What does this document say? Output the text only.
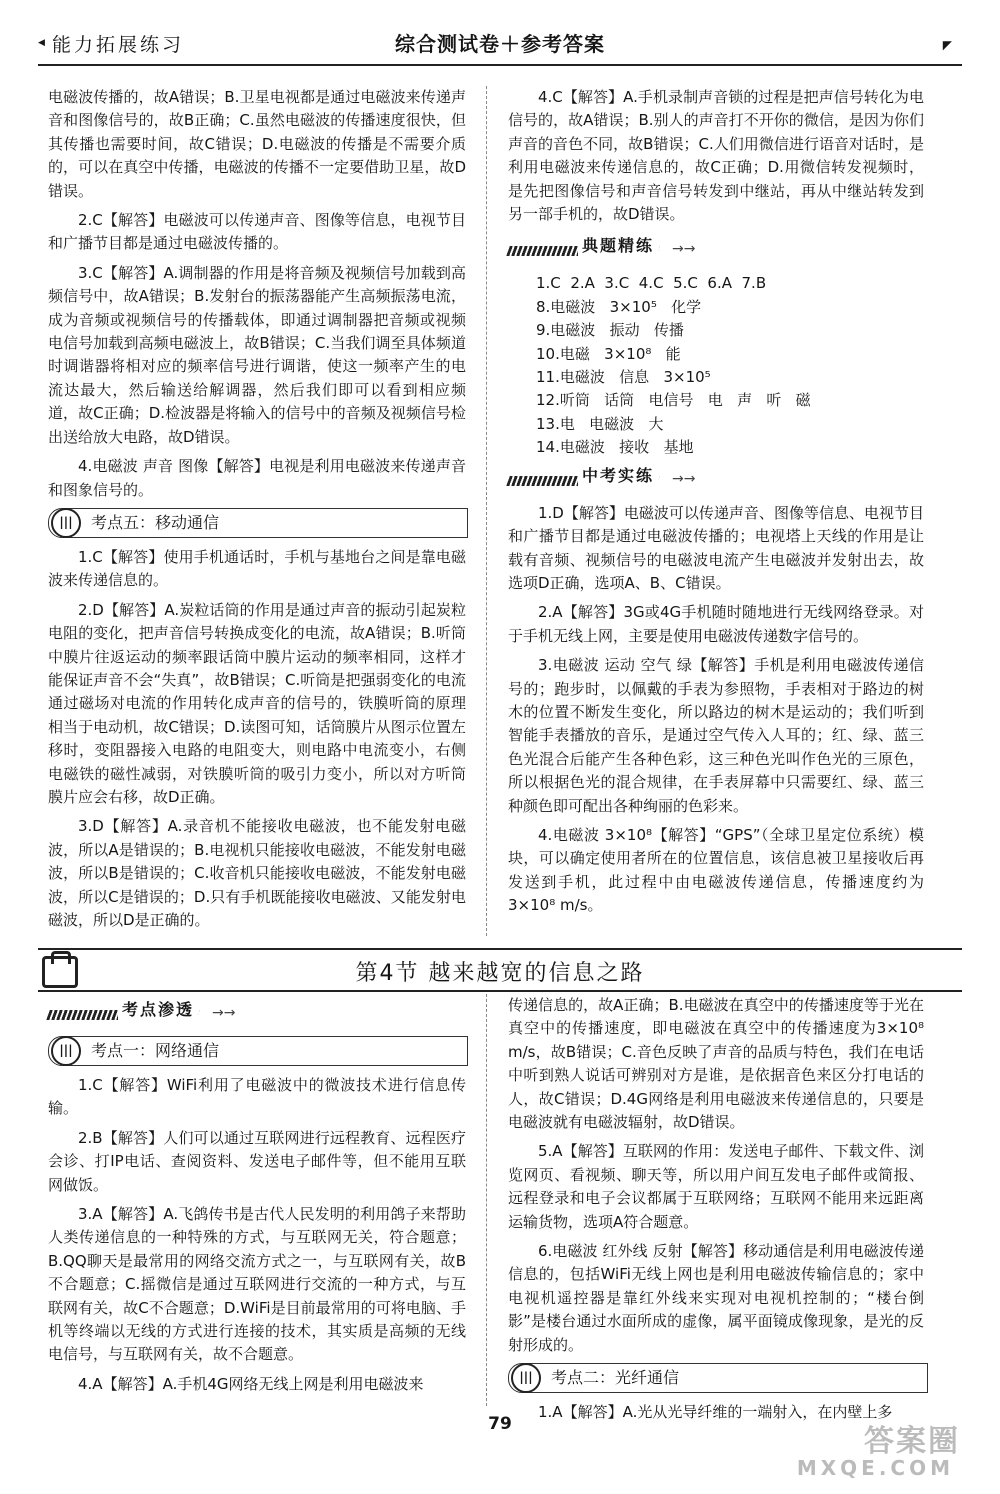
◀ 能力拓展练习	综合测试卷＋参考答案	◤

电磁波传播的，故A错误；B.卫星电视都是通过电磁波来传递声音和图像信号的，故B正确；C.虽然电磁波的传播速度很快，但其传播也需要时间，故C错误；D.电磁波的传播是不需要介质的，可以在真空中传播，电磁波的传播不一定要借助卫星，故D错误。

2.C【解答】电磁波可以传递声音、图像等信息，电视节目和广播节目都是通过电磁波传播的。

3.C【解答】A.调制器的作用是将音频及视频信号加载到高频信号中，故A错误；B.发射台的振荡器能产生高频振荡电流，成为音频或视频信号的传播载体，即通过调制器把音频或视频电信号加载到高频电磁波上，故B错误；C.当我们调至具体频道时调谐器将相对应的频率信号进行调谐，使这一频率产生的电流达最大，然后输送给解调器，然后我们即可以看到相应频道，故C正确；D.检波器是将输入的信号中的音频及视频信号检出送给放大电路，故D错误。

4.电磁波 声音 图像【解答】电视是利用电磁波来传递声音和图象信号的。

|||	考点五：移动通信

1.C【解答】使用手机通话时，手机与基地台之间是靠电磁波来传递信息的。

2.D【解答】A.炭粒话筒的作用是通过声音的振动引起炭粒电阻的变化，把声音信号转换成变化的电流，故A错误；B.听筒中膜片往返运动的频率跟话筒中膜片运动的频率相同，这样才能保证声音不会“失真”，故B错误；C.听筒是把强弱变化的电流通过磁场对电流的作用转化成声音的信号的，铁膜听筒的原理相当于电动机，故C错误；D.读图可知，话筒膜片从图示位置左移时，变阻器接入电路的电阻变大，则电路中电流变小，右侧电磁铁的磁性减弱，对铁膜听筒的吸引力变小，所以对方听筒膜片应会右移，故D正确。

3.D【解答】A.录音机不能接收电磁波，也不能发射电磁波，所以A是错误的；B.电视机只能接收电磁波，不能发射电磁波，所以B是错误的；C.收音机只能接收电磁波，不能发射电磁波，所以C是错误的；D.只有手机既能接收电磁波、又能发射电磁波，所以D是正确的。

4.C【解答】A.手机录制声音锁的过程是把声信号转化为电信号的，故A错误；B.别人的声音打不开你的微信，是因为你们声音的音色不同，故B错误；C.人们用微信进行语音对话时，是利用电磁波来传递信息的，故C正确；D.用微信转发视频时，是先把图像信号和声音信号转发到中继站，再从中继站转发到另一部手机的，故D错误。

典题精练 →→
1.C  2.A  3.C  4.C  5.C  6.A  7.B
8.电磁波   3×10⁵   化学
9.电磁波   振动   传播
10.电磁   3×10⁸   能
11.电磁波   信息   3×10⁵
12.听筒   话筒   电信号   电   声   听   磁
13.电   电磁波   大
14.电磁波   接收   基地
中考实练 →→

1.D【解答】电磁波可以传递声音、图像等信息、电视节目和广播节目都是通过电磁波传播的；电视塔上天线的作用是让载有音频、视频信号的电磁波电流产生电磁波并发射出去，故选项D正确，选项A、B、C错误。

2.A【解答】3G或4G手机随时随地进行无线网络登录。对于手机无线上网，主要是使用电磁波传递数字信号的。

3.电磁波 运动 空气 绿【解答】手机是利用电磁波传递信号的；跑步时，以佩戴的手表为参照物，手表相对于路边的树木的位置不断发生变化，所以路边的树木是运动的；我们听到智能手表播放的音乐，是通过空气传入人耳的；红、绿、蓝三色光混合后能产生各种色彩，这三种色光叫作色光的三原色，所以根据色光的混合规律，在手表屏幕中只需要红、绿、蓝三种颜色即可配出各种绚丽的色彩来。

4.电磁波 3×10⁸【解答】“GPS”（全球卫星定位系统）模块，可以确定使用者所在的位置信息，该信息被卫星接收后再发送到手机，此过程中由电磁波传递信息，传播速度约为3×10⁸ m/s。

第4节 越来越宽的信息之路
考点渗透 →→
|||	考点一：网络通信

1.C【解答】WiFi利用了电磁波中的微波技术进行信息传输。

2.B【解答】人们可以通过互联网进行远程教育、远程医疗会诊、打IP电话、查阅资料、发送电子邮件等，但不能用互联网做饭。

3.A【解答】A.飞鸽传书是古代人民发明的利用鸽子来帮助人类传递信息的一种特殊的方式，与互联网无关，符合题意；B.QQ聊天是最常用的网络交流方式之一，与互联网有关，故B不合题意；C.摇微信是通过互联网进行交流的一种方式，与互联网有关，故C不合题意；D.WiFi是目前最常用的可将电脑、手机等终端以无线的方式进行连接的技术，其实质是高频的无线电信号，与互联网有关，故不合题意。

4.A【解答】A.手机4G网络无线上网是利用电磁波来

传递信息的，故A正确；B.电磁波在真空中的传播速度等于光在真空中的传播速度，即电磁波在真空中的传播速度为3×10⁸ m/s，故B错误；C.音色反映了声音的品质与特色，我们在电话中听到熟人说话可辨别对方是谁，是依据音色来区分打电话的人，故C错误；D.4G网络是利用电磁波来传递信息的，只要是电磁波就有电磁波辐射，故D错误。

5.A【解答】互联网的作用：发送电子邮件、下载文件、浏览网页、看视频、聊天等，所以用户间互发电子邮件或简报、远程登录和电子会议都属于互联网络；互联网不能用来远距离运输货物，选项A符合题意。

6.电磁波 红外线 反射【解答】移动通信是利用电磁波传递信息的，包括WiFi无线上网也是利用电磁波传输信息的；家中电视机遥控器是靠红外线来实现对电视机控制的；“楼台倒影”是楼台通过水面所成的虚像，属平面镜成像现象，是光的反射形成的。

|||	考点二：光纤通信

1.A【解答】A.光从光导纤维的一端射入，在内壁上多

79	答案圈
MXQE.COM
